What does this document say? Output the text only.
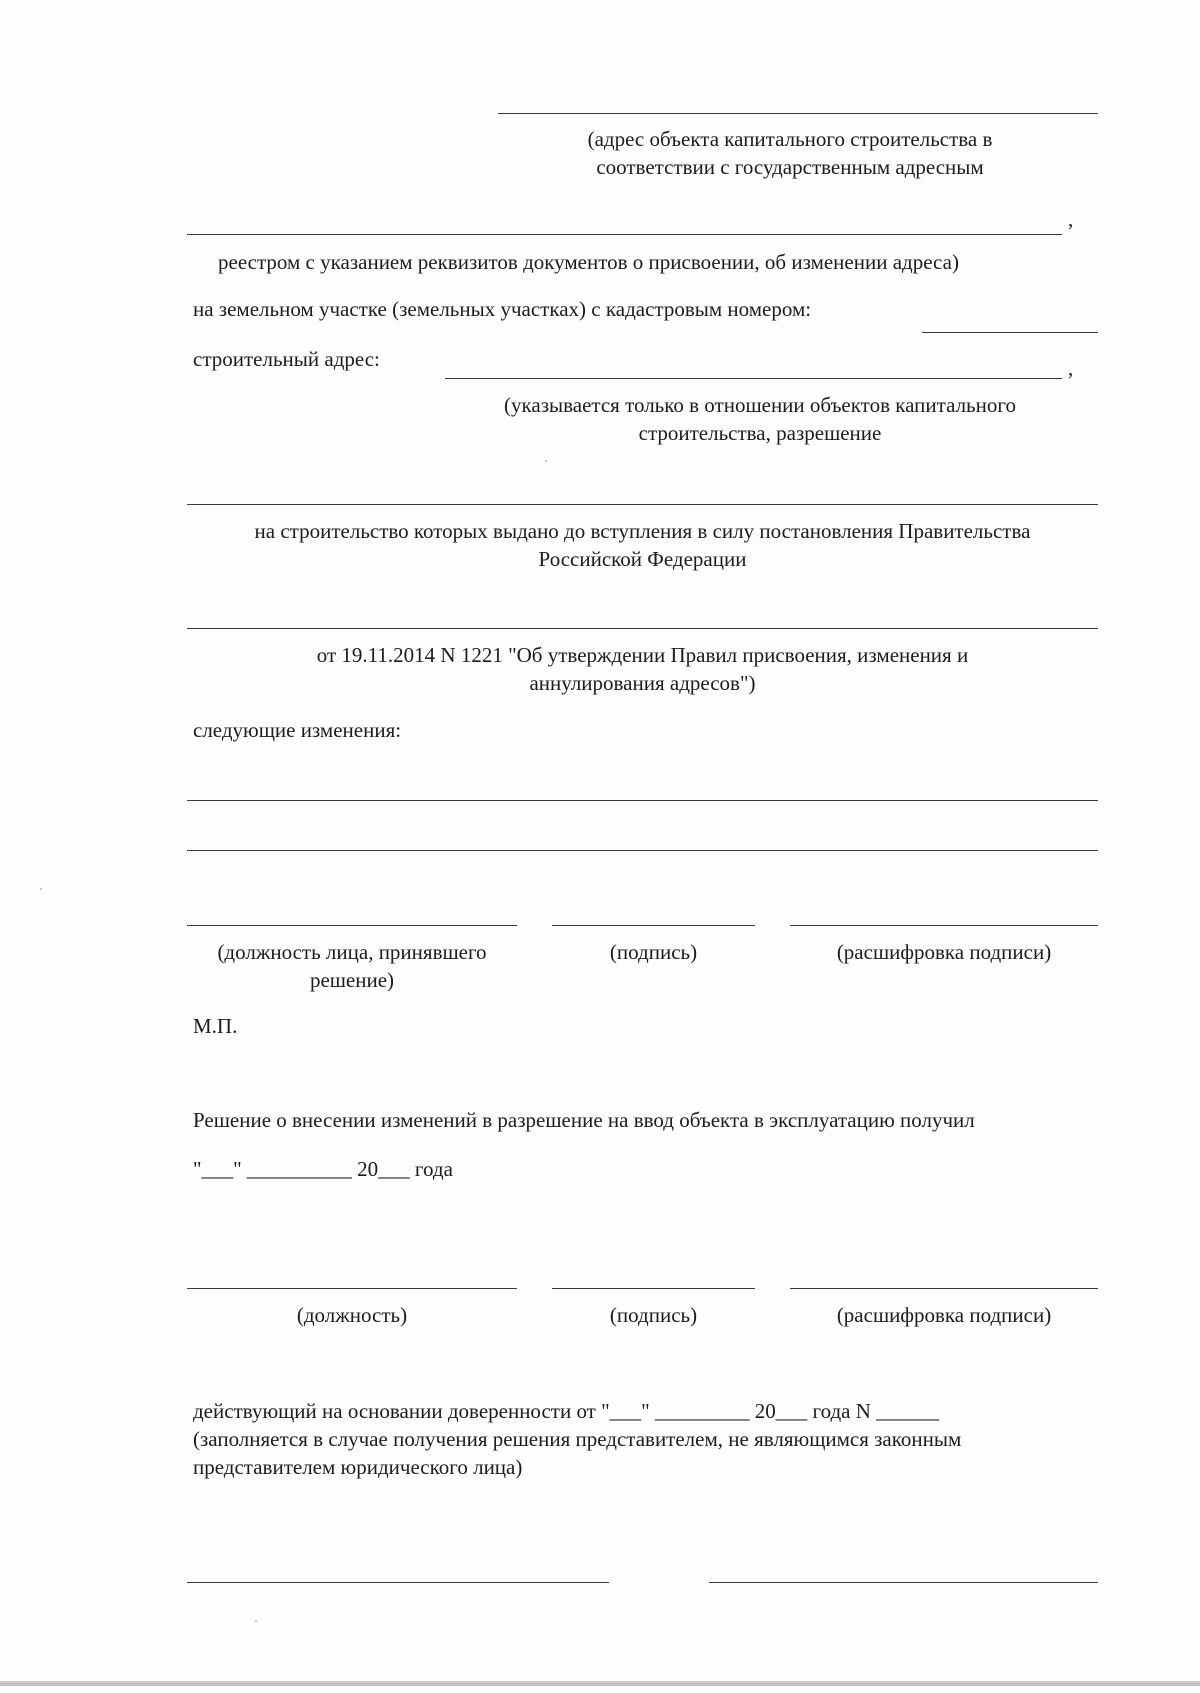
(адрес объекта капитального строительства в
соответствии с государственным адресным
,
реестром с указанием реквизитов документов о присвоении, об изменении адреса)
на земельном участке (земельных участках) с кадастровым номером:
строительный адрес:	,
(указывается только в отношении объектов капитального
строительства, разрешение
на строительство которых выдано до вступления в силу постановления Правительства
Российской Федерации
от 19.11.2014 N 1221 "Об утверждении Правил присвоения, изменения и
аннулирования адресов")
следующие изменения:
(должность лица, принявшего
решение)
(подпись)	(расшифровка подписи)
М.П.
Решение о внесении изменений в разрешение на ввод объекта в эксплуатацию получил
"___" __________ 20___ года
(должность)	(подпись)	(расшифровка подписи)
действующий на основании доверенности от "___" _________ 20___ года N ______
(заполняется в случае получения решения представителем, не являющимся законным
представителем юридического лица)
